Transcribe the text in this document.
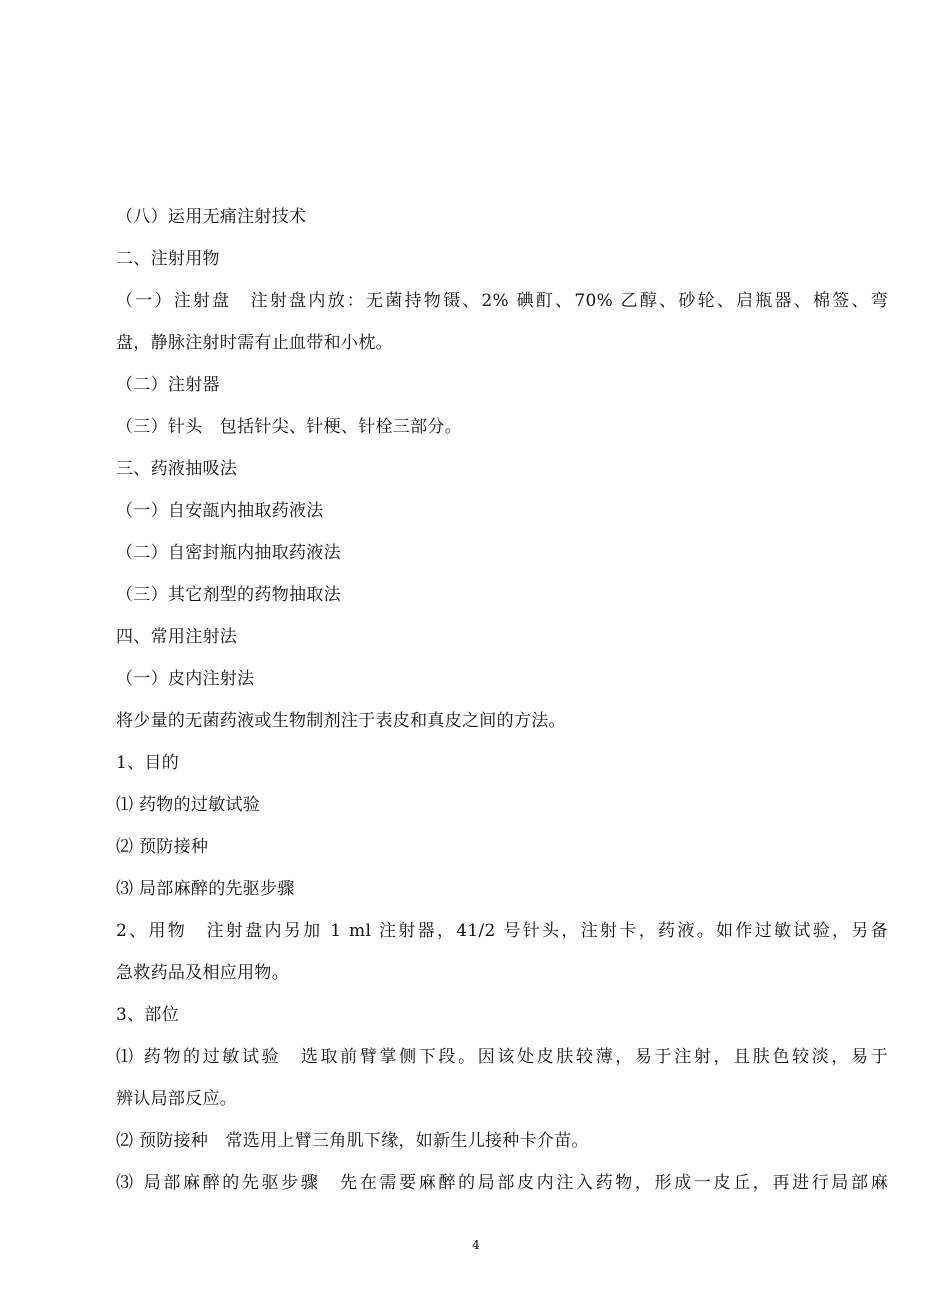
（八）运用无痛注射技术
二、注射用物
（一）注射盘　注射盘内放：无菌持物镊、2% 碘酊、70% 乙醇、砂轮、启瓶器、棉签、弯
盘，静脉注射时需有止血带和小枕。
（二）注射器
（三）针头　包括针尖、针梗、针栓三部分。
三、药液抽吸法
（一）自安瓿内抽取药液法
（二）自密封瓶内抽取药液法
（三）其它剂型的药物抽取法
四、常用注射法
（一）皮内注射法
将少量的无菌药液或生物制剂注于表皮和真皮之间的方法。
1、目的
⑴ 药物的过敏试验
⑵ 预防接种
⑶ 局部麻醉的先驱步骤
2、用物　注射盘内另加 1 ml 注射器，41/2 号针头，注射卡，药液。如作过敏试验，另备
急救药品及相应用物。
3、部位
⑴ 药物的过敏试验　选取前臂掌侧下段。因该处皮肤较薄，易于注射，且肤色较淡，易于
辨认局部反应。
⑵ 预防接种　常选用上臂三角肌下缘，如新生儿接种卡介苗。
⑶ 局部麻醉的先驱步骤　先在需要麻醉的局部皮内注入药物，形成一皮丘，再进行局部麻
4
